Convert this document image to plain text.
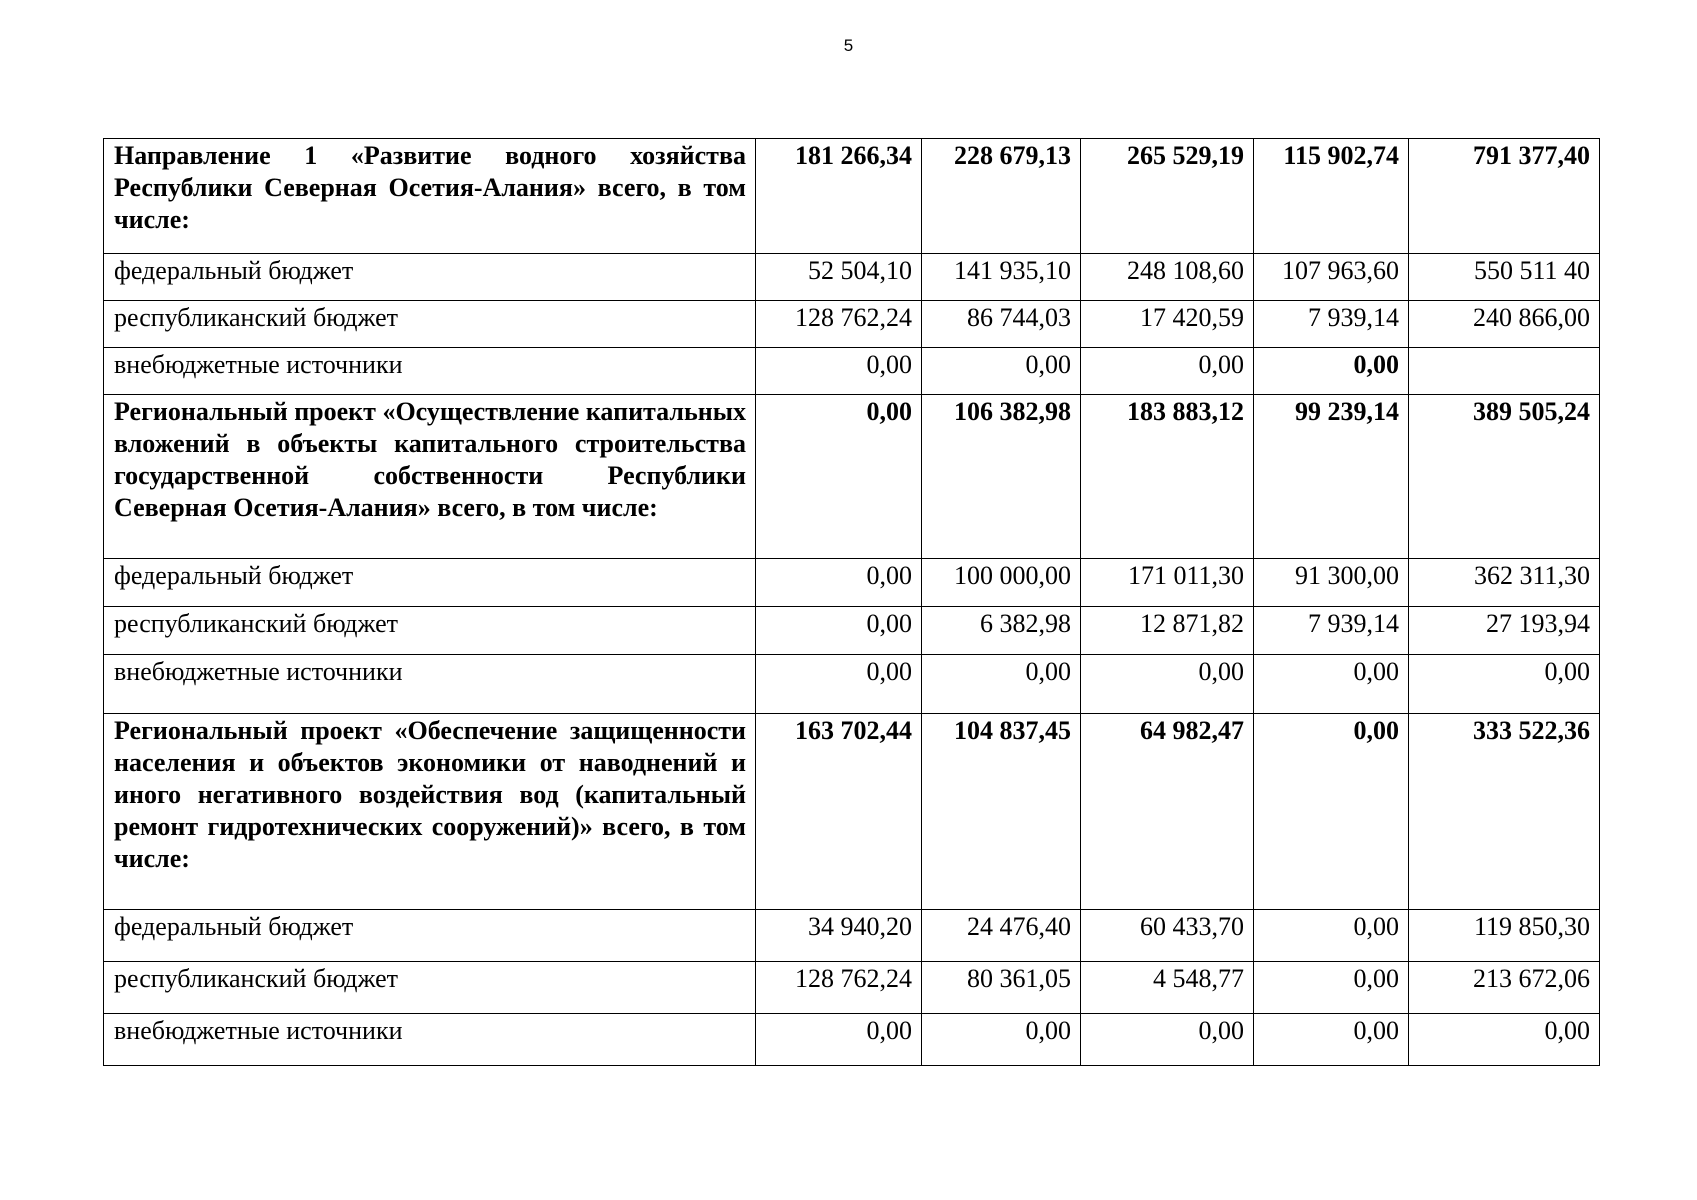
5
Направление 1 «Развитие водного хозяйства Республики Северная Осетия-Алания» всего, в том числе:	181 266,34	228 679,13	265 529,19	115 902,74	791 377,40
федеральный бюджет	52 504,10	141 935,10	248 108,60	107 963,60	550 511 40
республиканский бюджет	128 762,24	86 744,03	17 420,59	7 939,14	240 866,00
внебюджетные источники	0,00	0,00	0,00	0,00	
Региональный проект «Осуществление капитальных вложений в объекты капитального строительства государственной собственности Республики Северная Осетия-Алания» всего, в том числе:	0,00	106 382,98	183 883,12	99 239,14	389 505,24
федеральный бюджет	0,00	100 000,00	171 011,30	91 300,00	362 311,30
республиканский бюджет	0,00	6 382,98	12 871,82	7 939,14	27 193,94
внебюджетные источники	0,00	0,00	0,00	0,00	0,00
Региональный проект «Обеспечение защищенности населения и объектов экономики от наводнений и иного негативного воздействия вод (капитальный ремонт гидротехнических сооружений)» всего, в том числе:	163 702,44	104 837,45	64 982,47	0,00	333 522,36
федеральный бюджет	34 940,20	24 476,40	60 433,70	0,00	119 850,30
республиканский бюджет	128 762,24	80 361,05	4 548,77	0,00	213 672,06
внебюджетные источники	0,00	0,00	0,00	0,00	0,00
